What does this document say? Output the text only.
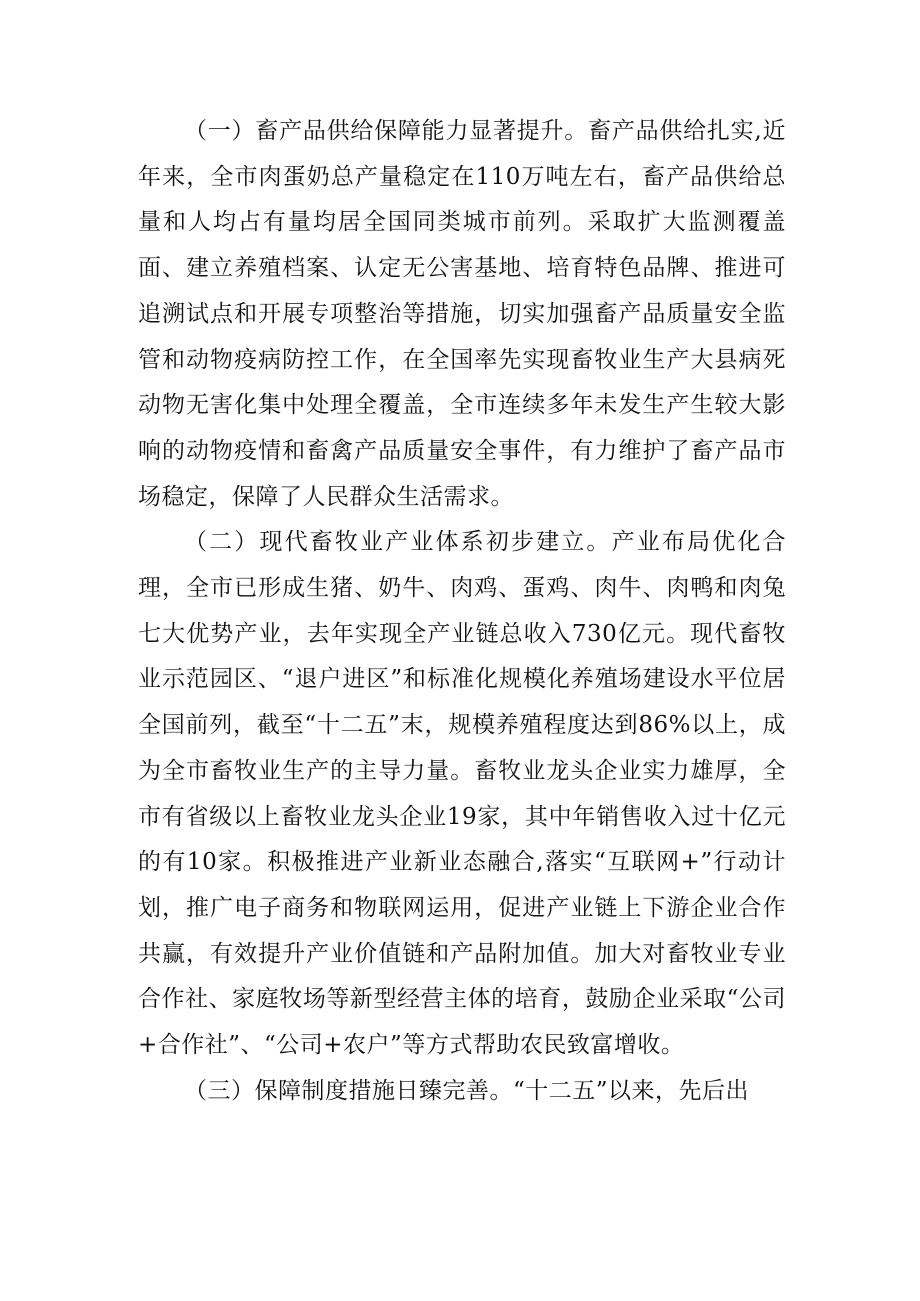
（一）畜产品供给保障能力显著提升。畜产品供给扎实,近年来，全市肉蛋奶总产量稳定在110万吨左右，畜产品供给总量和人均占有量均居全国同类城市前列。采取扩大监测覆盖面、建立养殖档案、认定无公害基地、培育特色品牌、推进可追溯试点和开展专项整治等措施，切实加强畜产品质量安全监管和动物疫病防控工作，在全国率先实现畜牧业生产大县病死动物无害化集中处理全覆盖，全市连续多年未发生产生较大影响的动物疫情和畜禽产品质量安全事件，有力维护了畜产品市场稳定，保障了人民群众生活需求。

（二）现代畜牧业产业体系初步建立。产业布局优化合理，全市已形成生猪、奶牛、肉鸡、蛋鸡、肉牛、肉鸭和肉兔七大优势产业，去年实现全产业链总收入730亿元。现代畜牧业示范园区、“退户进区”和标准化规模化养殖场建设水平位居全国前列，截至“十二五”末，规模养殖程度达到86%以上，成为全市畜牧业生产的主导力量。畜牧业龙头企业实力雄厚，全市有省级以上畜牧业龙头企业19家，其中年销售收入过十亿元的有10家。积极推进产业新业态融合,落实“互联网+”行动计划，推广电子商务和物联网运用，促进产业链上下游企业合作共赢，有效提升产业价值链和产品附加值。加大对畜牧业专业合作社、家庭牧场等新型经营主体的培育，鼓励企业采取“公司+合作社”、“公司+农户”等方式帮助农民致富增收。

（三）保障制度措施日臻完善。“十二五”以来，先后出
